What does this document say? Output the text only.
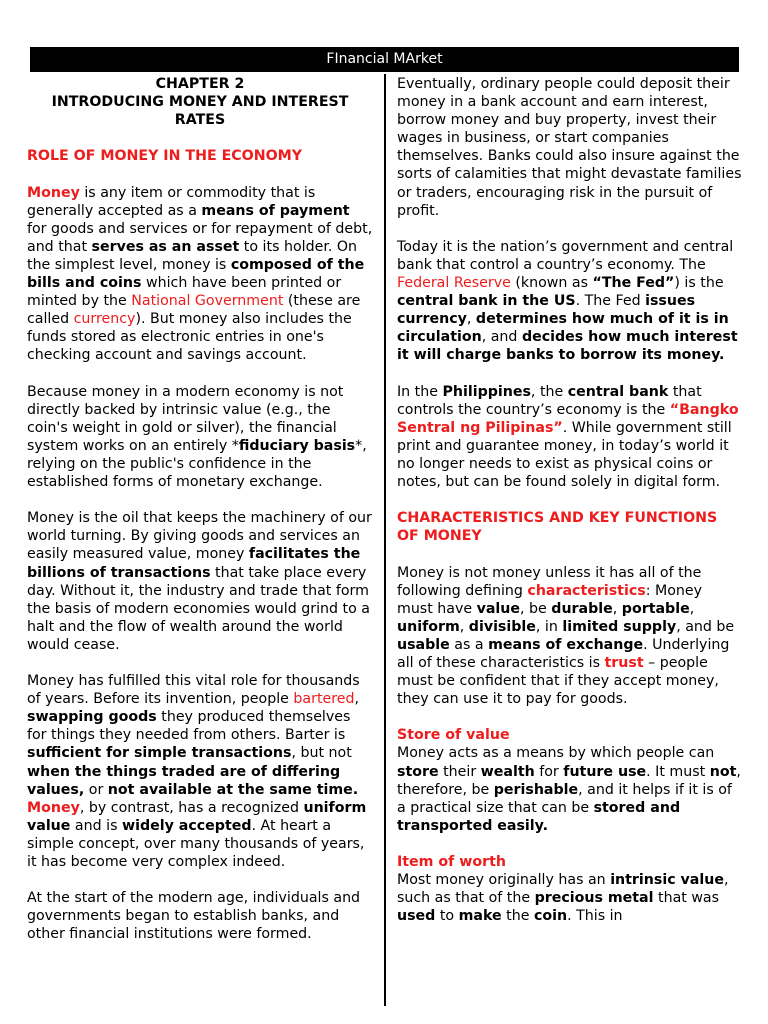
FInancial MArket
CHAPTER 2
INTRODUCING MONEY AND INTEREST RATES
ROLE OF MONEY IN THE ECONOMY

Money is any item or commodity that is generally accepted as a means of payment for goods and services or for repayment of debt, and that serves as an asset to its holder. On the simplest level, money is composed of the bills and coins which have been printed or minted by the National Government (these are called currency). But money also includes the funds stored as electronic entries in one's checking account and savings account.

Because money in a modern economy is not directly backed by intrinsic value (e.g., the coin's weight in gold or silver), the financial system works on an entirely *fiduciary basis*, relying on the public's confidence in the established forms of monetary exchange.

Money is the oil that keeps the machinery of our world turning. By giving goods and services an easily measured value, money facilitates the billions of transactions that take place every day. Without it, the industry and trade that form the basis of modern economies would grind to a halt and the flow of wealth around the world would cease.

Money has fulfilled this vital role for thousands of years. Before its invention, people bartered, swapping goods they produced themselves for things they needed from others. Barter is sufficient for simple transactions, but not when the things traded are of differing values, or not available at the same time. Money, by contrast, has a recognized uniform value and is widely accepted. At heart a simple concept, over many thousands of years, it has become very complex indeed.

At the start of the modern age, individuals and governments began to establish banks, and other financial institutions were formed.

Eventually, ordinary people could deposit their money in a bank account and earn interest, borrow money and buy property, invest their wages in business, or start companies themselves. Banks could also insure against the sorts of calamities that might devastate families or traders, encouraging risk in the pursuit of profit.

Today it is the nation’s government and central bank that control a country’s economy. The Federal Reserve (known as “The Fed”) is the central bank in the US. The Fed issues currency, determines how much of it is in circulation, and decides how much interest it will charge banks to borrow its money.

In the Philippines, the central bank that controls the country’s economy is the “Bangko Sentral ng Pilipinas”. While government still print and guarantee money, in today’s world it no longer needs to exist as physical coins or notes, but can be found solely in digital form.

CHARACTERISTICS AND KEY FUNCTIONS OF MONEY

Money is not money unless it has all of the following defining characteristics: Money must have value, be durable, portable, uniform, divisible, in limited supply, and be usable as a means of exchange. Underlying all of these characteristics is trust – people must be confident that if they accept money, they can use it to pay for goods.

Store of value

Money acts as a means by which people can store their wealth for future use. It must not, therefore, be perishable, and it helps if it is of a practical size that can be stored and transported easily.

Item of worth

Most money originally has an intrinsic value, such as that of the precious metal that was used to make the coin. This in
